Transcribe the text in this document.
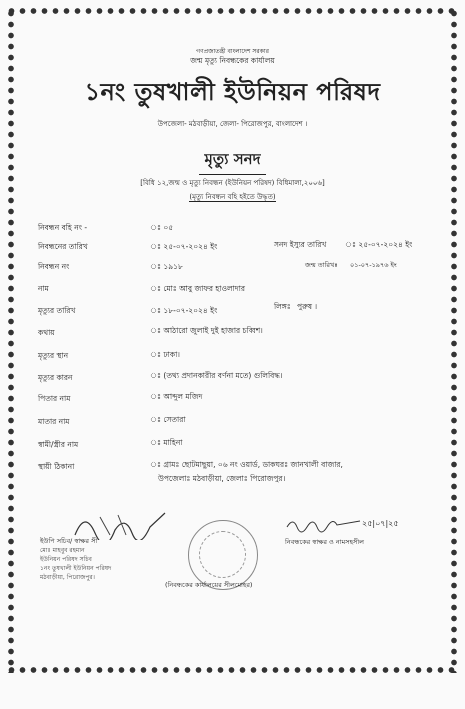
গণপ্রজাতন্ত্রী বাংলাদেশ সরকার
জন্ম মৃত্যু নিবন্ধকের কার্যালয়
১নং তুষখালী ইউনিয়ন পরিষদ
উপজেলা- মঠবাড়ীয়া, জেলা- পিরোজপুর, বাংলাদেশ ।
মৃত্যু সনদ
[বিধি ১২,জন্ম ও মৃত্যু নিবন্ধন (ইউনিয়ন পরিষদ) বিধিমালা,২০০৬]
(মৃত্যু নিবন্ধন বহি হইতে উদ্ধৃত)
নিবন্ধন বহি নং -	ঃ ০৫
নিবন্ধনের তারিখ	ঃ ২৫-০৭-২০২৪ ইং	সনদ ইস্যুর তারিখ ঃ ২৫-০৭-২০২৪ ইং
নিবন্ধন নং	ঃ ১৯১৮	জন্ম তারিখঃ ০১-০৭-১৯৭৬ ইং
নাম	ঃ মোঃ আবু জাফর হাওলাদার
মৃত্যুর তারিখ	ঃ ১৮-০৭-২০২৪ ইং	লিঙ্গঃ পুরুষ ।
কথায়	ঃ আঠারো জুলাই দুই হাজার চব্বিশ।
মৃত্যুর স্থান	ঃ ঢাকা।
মৃত্যুর কারন	ঃ (তথ্য প্রদানকারীর বর্ণনা মতে) গুলিবিদ্ধ।
পিতার নাম	ঃ আব্দুল মজিদ
মাতার নাম	ঃ সেতারা
স্বামী/স্ত্রীর নাম	ঃ মাহিনা
স্থায়ী ঠিকানা	ঃ গ্রামঃ ছোটমাছুয়া, ০৬ নং ওয়ার্ড, ডাকঘরঃ জানখালী বাজার,
উপজেলাঃ মঠবাড়ীয়া, জেলাঃ পিরোজপুর।
ইউপি সচিব/ স্বাক্ষর সী
মোঃ মাহবুব রহমান
ইউনিয়ন পরিষদ সচিব
১নং তুষখালী ইউনিয়ন পরিষদ
মঠবাড়ীয়া, পিরোজপুর।
(নিবন্ধকের কার্যালয়ের সীলমোহর)
২৫|০৭|২৫
নিবন্ধকের স্বাক্ষর ও নামসহসীল
